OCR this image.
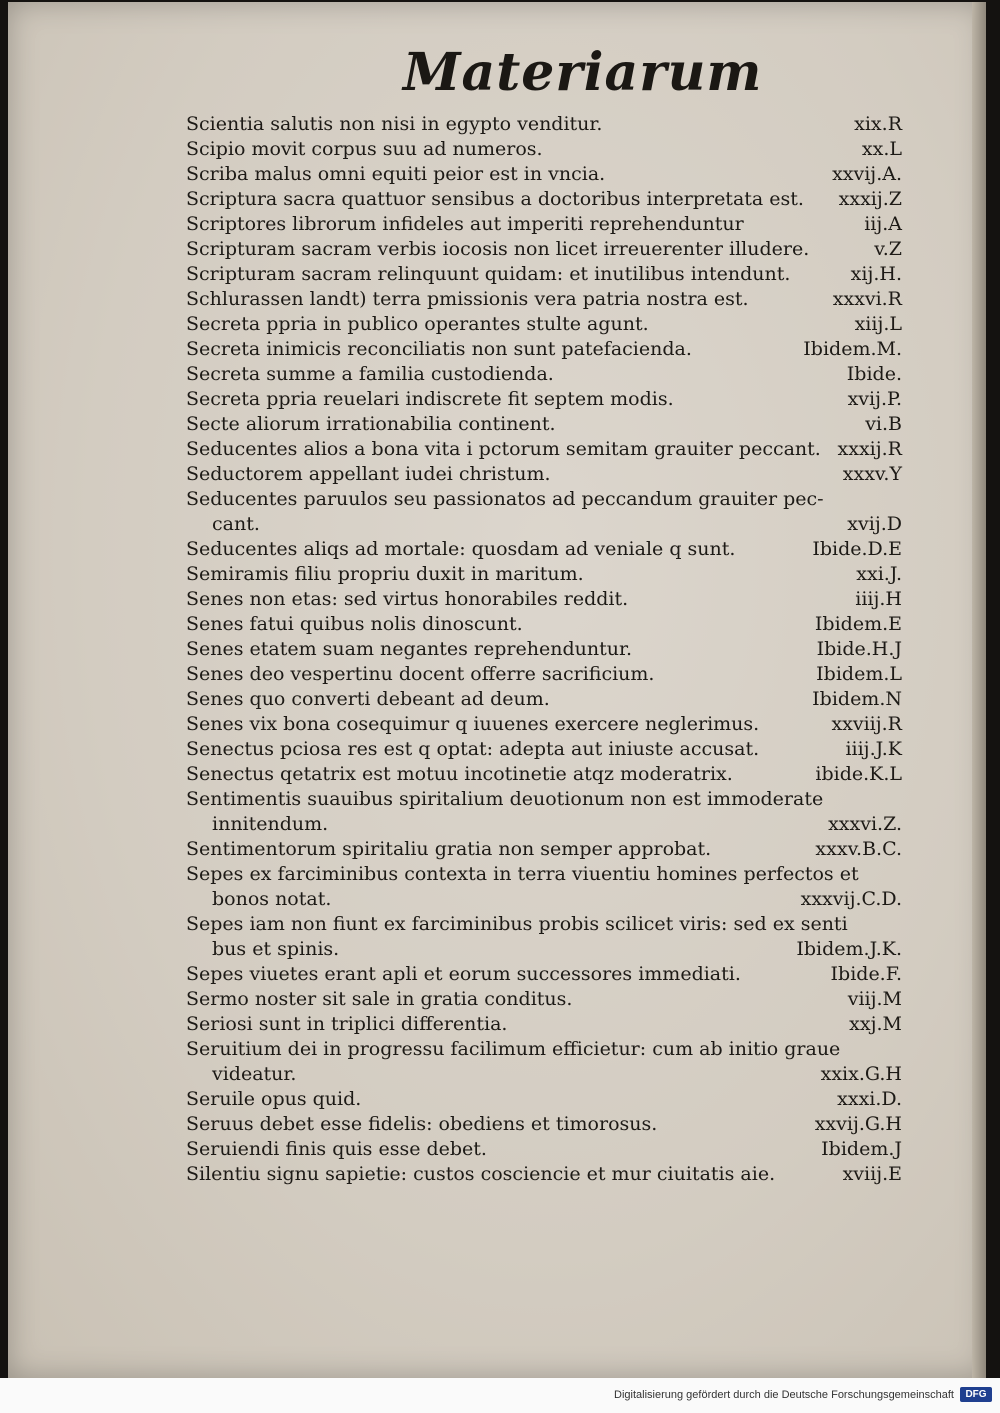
Materiarum
Scientia salutis non nisi in egypto venditur.	xix.R
Scipio movit corpus suu ad numeros.	xx.L
Scriba malus omni equiti peior est in vncia.	xxvij.A.
Scriptura sacra quattuor sensibus a doctoribus interpretata est. xxxij.Z
Scriptores librorum infideles aut imperiti reprehenduntur	iij.A
Scripturam sacram verbis iocosis non licet irreuerenter illudere.	v.Z
Scripturam sacram relinquunt quidam: et inutilibus intendunt.	xij.H.
Schlurassen landt) terra pmissionis vera patria nostra est.	xxxvi.R
Secreta ppria in publico operantes stulte agunt.	xiij.L
Secreta inimicis reconciliatis non sunt patefacienda.	Ibidem.M.
Secreta summe a familia custodienda.	Ibide.
Secreta ppria reuelari indiscrete fit septem modis.	xvij.P.
Secte aliorum irrationabilia continent.	vi.B
Seducentes alios a bona vita i pctorum semitam grauiter peccant. xxxij.R
Seductorem appellant iudei christum.	xxxv.Y
Seducentes paruulos seu passionatos ad peccandum grauiter pec-
cant.	xvij.D
Seducentes aliqs ad mortale: quosdam ad veniale q sunt.	Ibide.D.E
Semiramis filiu propriu duxit in maritum.	xxi.J.
Senes non etas: sed virtus honorabiles reddit.	iiij.H
Senes fatui quibus nolis dinoscunt.	Ibidem.E
Senes etatem suam negantes reprehenduntur.	Ibide.H.J
Senes deo vespertinu docent offerre sacrificium.	Ibidem.L
Senes quo converti debeant ad deum.	Ibidem.N
Senes vix bona cosequimur q iuuenes exercere neglerimus.	xxviij.R
Senectus pciosa res est q optat: adepta aut iniuste accusat.	iiij.J.K
Senectus qetatrix est motuu incotinetie atqz moderatrix.	ibide.K.L
Sentimentis suauibus spiritalium deuotionum non est immoderate
innitendum.	xxxvi.Z.
Sentimentorum spiritaliu gratia non semper approbat.	xxxv.B.C.
Sepes ex farciminibus contexta in terra viuentiu homines perfectos et
bonos notat.	xxxvij.C.D.
Sepes iam non fiunt ex farciminibus probis scilicet viris: sed ex senti
bus et spinis.	Ibidem.J.K.
Sepes viuetes erant apli et eorum successores immediati.	Ibide.F.
Sermo noster sit sale in gratia conditus.	viij.M
Seriosi sunt in triplici differentia.	xxj.M
Seruitium dei in progressu facilimum efficietur: cum ab initio graue
videatur.	xxix.G.H
Seruile opus quid.	xxxi.D.
Seruus debet esse fidelis: obediens et timorosus.	xxvij.G.H
Seruiendi finis quis esse debet.	Ibidem.J
Silentiu signu sapietie: custos cosciencie et mur ciuitatis aie.	xviij.E
Digitalisierung gefördert durch die Deutsche Forschungsgemeinschaft	DFG
